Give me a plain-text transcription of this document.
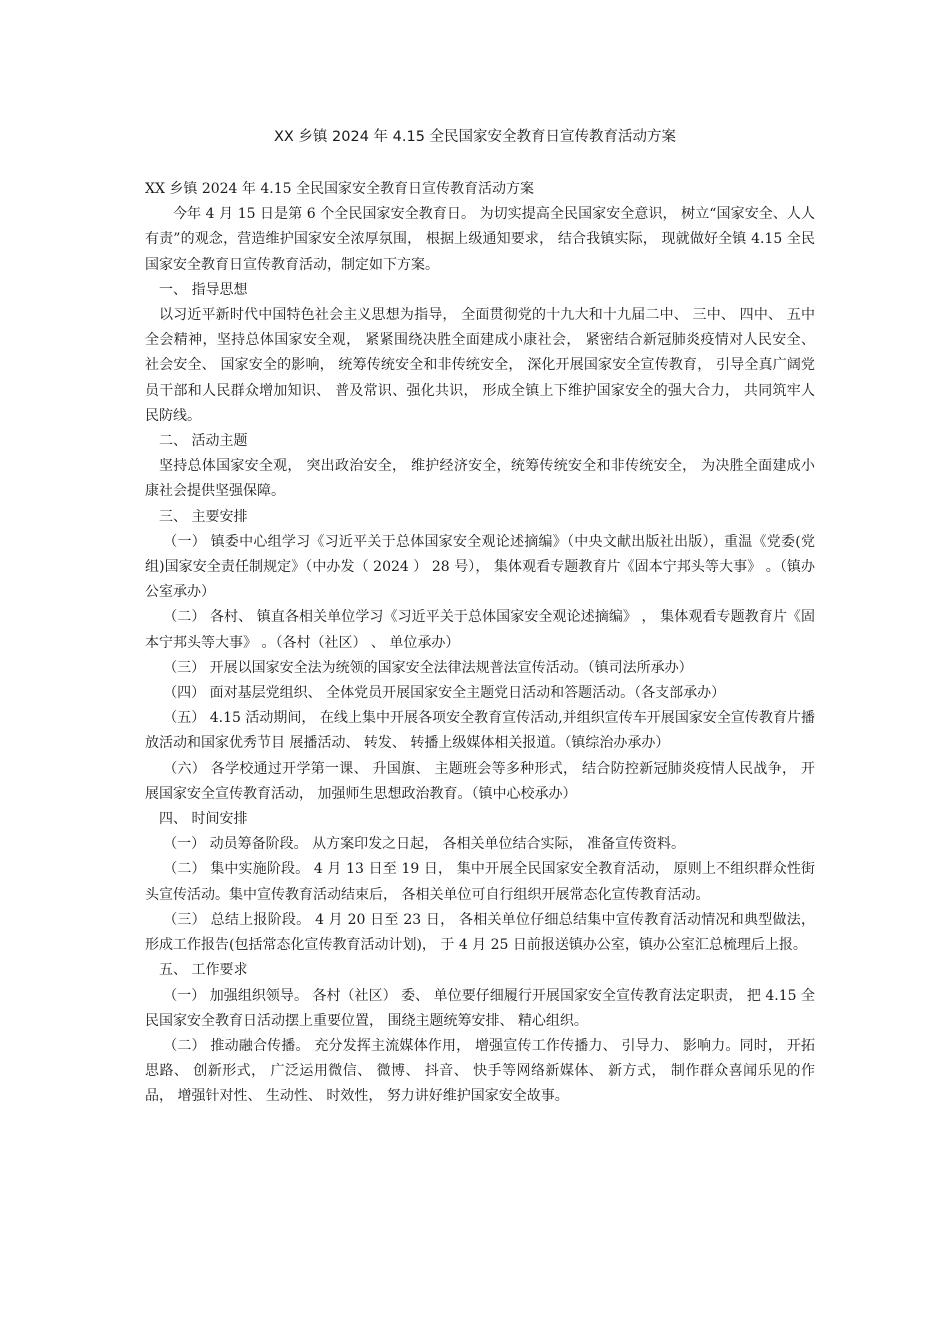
XX 乡镇 2024 年 4.15 全民国家安全教育日宣传教育活动方案

XX 乡镇 2024 年 4.15 全民国家安全教育日宣传教育活动方案

今年 4 月 15 日是第 6 个全民国家安全教育日。 为切实提高全民国家安全意识， 树立“国家安全、人人有责”的观念，营造维护国家安全浓厚氛围， 根据上级通知要求， 结合我镇实际， 现就做好全镇 4.15 全民国家安全教育日宣传教育活动，制定如下方案。

一、 指导思想

以习近平新时代中国特色社会主义思想为指导， 全面贯彻党的十九大和十九届二中、 三中、 四中、 五中全会精神，坚持总体国家安全观， 紧紧围绕决胜全面建成小康社会， 紧密结合新冠肺炎疫情对人民安全、 社会安全、 国家安全的影响， 统筹传统安全和非传统安全， 深化开展国家安全宣传教育， 引导全真广阔党员干部和人民群众增加知识、 普及常识、强化共识， 形成全镇上下维护国家安全的强大合力， 共同筑牢人民防线。

二、 活动主题

坚持总体国家安全观， 突出政治安全， 维护经济安全，统筹传统安全和非传统安全， 为决胜全面建成小康社会提供坚强保障。

三、 主要安排

（一） 镇委中心组学习《习近平关于总体国家安全观论述摘编》（中央文献出版社出版），重温《党委(党组)国家安全责任制规定》（中办发（ 2024 ） 28 号）， 集体观看专题教育片《固本宁邦头等大事》 。（镇办公室承办）

（二） 各村、 镇直各相关单位学习《习近平关于总体国家安全观论述摘编》 ， 集体观看专题教育片《固本宁邦头等大事》 。（各村（社区） 、 单位承办）

（三） 开展以国家安全法为统领的国家安全法律法规普法宣传活动。（镇司法所承办）

（四） 面对基层党组织、 全体党员开展国家安全主题党日活动和答题活动。（各支部承办）

（五） 4.15 活动期间， 在线上集中开展各项安全教育宣传活动,并组织宣传车开展国家安全宣传教育片播放活动和国家优秀节目 展播活动、 转发、 转播上级媒体相关报道。（镇综治办承办）

（六） 各学校通过开学第一课、 升国旗、 主题班会等多种形式， 结合防控新冠肺炎疫情人民战争， 开展国家安全宣传教育活动， 加强师生思想政治教育。（镇中心校承办）

四、 时间安排

（一） 动员筹备阶段。 从方案印发之日起， 各相关单位结合实际， 准备宣传资料。

（二） 集中实施阶段。 4 月 13 日至 19 日， 集中开展全民国家安全教育活动， 原则上不组织群众性街头宣传活动。集中宣传教育活动结束后， 各相关单位可自行组织开展常态化宣传教育活动。

（三） 总结上报阶段。 4 月 20 日至 23 日， 各相关单位仔细总结集中宣传教育活动情况和典型做法， 形成工作报告(包括常态化宣传教育活动计划)， 于 4 月 25 日前报送镇办公室，镇办公室汇总梳理后上报。

五、 工作要求

（一） 加强组织领导。 各村（社区） 委、 单位要仔细履行开展国家安全宣传教育法定职责， 把 4.15 全民国家安全教育日活动摆上重要位置， 围绕主题统筹安排、 精心组织。

（二） 推动融合传播。 充分发挥主流媒体作用， 增强宣传工作传播力、 引导力、 影响力。同时， 开拓思路、 创新形式， 广泛运用微信、 微博、 抖音、 快手等网络新媒体、 新方式， 制作群众喜闻乐见的作品， 增强针对性、 生动性、 时效性， 努力讲好维护国家安全故事。
